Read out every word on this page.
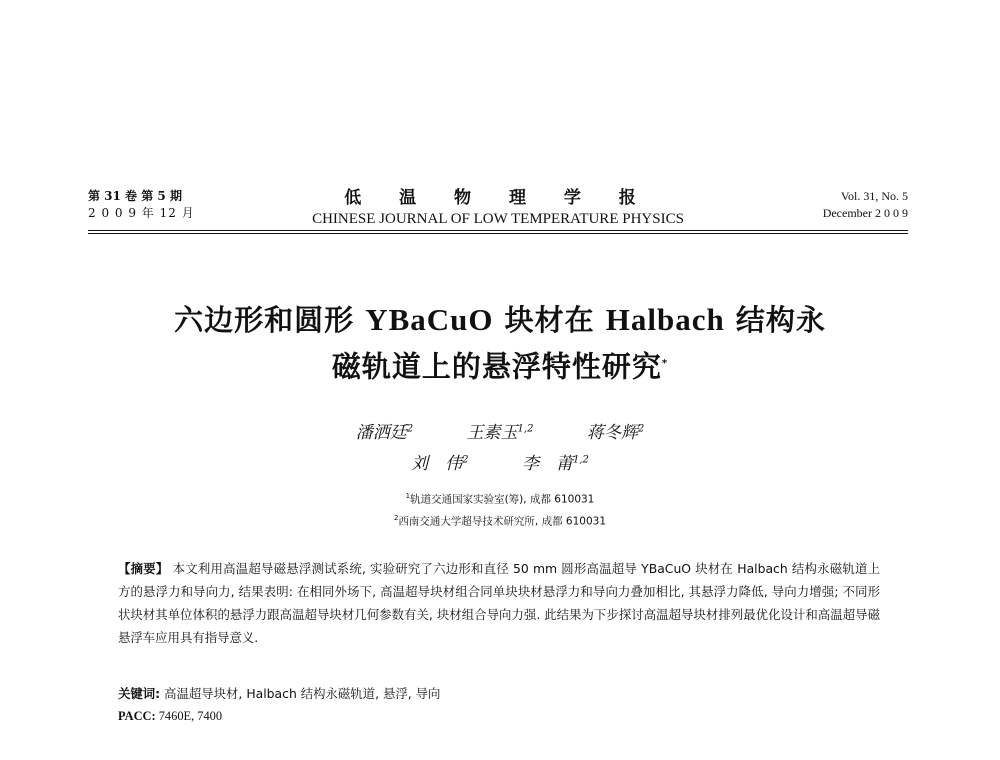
第 31 卷 第 5 期
2 0 0 9 年 12 月
低 温 物 理 学 报
CHINESE JOURNAL OF LOW TEMPERATURE PHYSICS
Vol. 31, No. 5
December 2 0 0 9
六边形和圆形 YBaCuO 块材在 Halbach 结构永
磁轨道上的悬浮特性研究*
潘洒廷$^2$	王素玉$^{1,2}$	蒋冬辉$^2$
刘　伟$^2$	李　莆$^{1,2}$
$^1$轨道交通国家实验室(筹), 成都 610031
$^2$西南交通大学超导技术研究所, 成都 610031
【摘要】 本文利用高温超导磁悬浮测试系统, 实验研究了六边形和直径 50 mm 圆形高温超导 YBaCuO 块材在 Halbach 结构永磁轨道上方的悬浮力和导向力, 结果表明: 在相同外场下, 高温超导块材组合同单块块材悬浮力和导向力叠加相比, 其悬浮力降低, 导向力增强; 不同形状块材其单位体积的悬浮力跟高温超导块材几何参数有关, 块材组合导向力强. 此结果为下步探讨高温超导块材排列最优化设计和高温超导磁悬浮车应用具有指导意义.
关键词: 高温超导块材, Halbach 结构永磁轨道, 悬浮, 导向
PACC: 7460E, 7400
